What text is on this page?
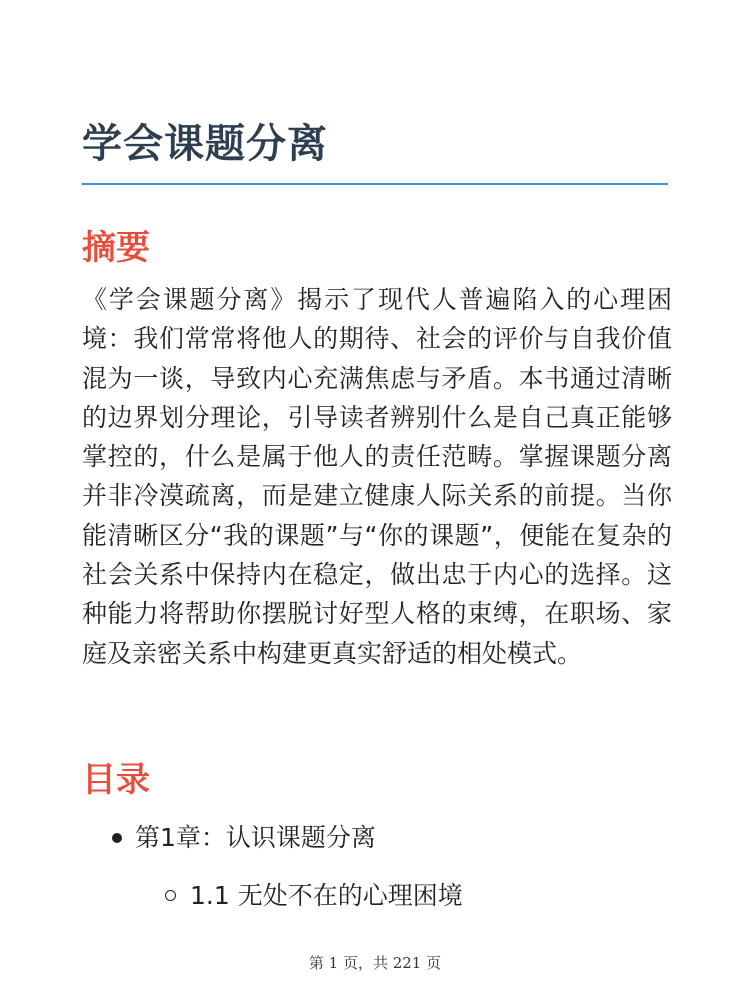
学会课题分离
摘要

《学会课题分离》揭示了现代人普遍陷入的心理困境：我们常常将他人的期待、社会的评价与自我价值混为一谈，导致内心充满焦虑与矛盾。本书通过清晰的边界划分理论，引导读者辨别什么是自己真正能够掌控的，什么是属于他人的责任范畴。掌握课题分离并非冷漠疏离，而是建立健康人际关系的前提。当你能清晰区分“我的课题”与“你的课题”，便能在复杂的社会关系中保持内在稳定，做出忠于内心的选择。这种能力将帮助你摆脱讨好型人格的束缚，在职场、家庭及亲密关系中构建更真实舒适的相处模式。

目录
第1章：认识课题分离
1.1 无处不在的心理困境
第 1 页，共 221 页
